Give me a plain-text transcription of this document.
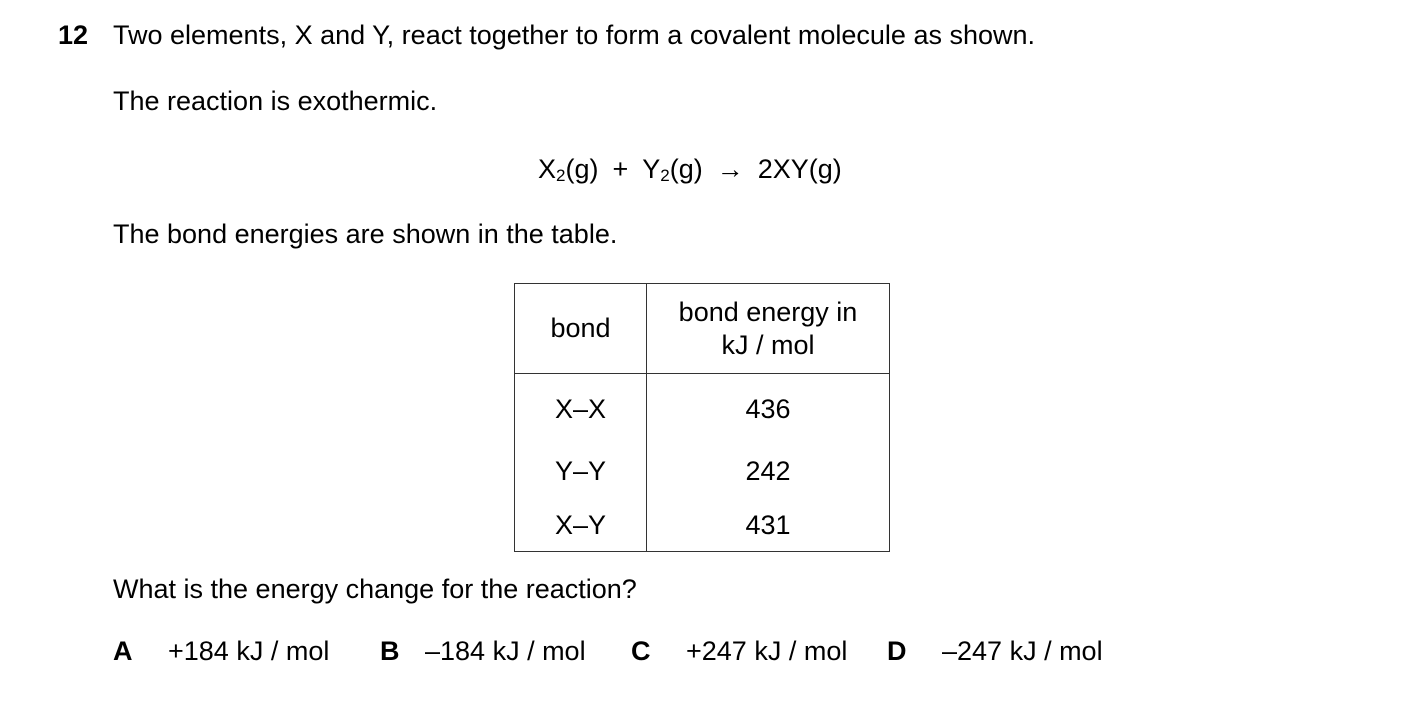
12 Two elements, X and Y, react together to form a covalent molecule as shown.
The reaction is exothermic.
X2(g) + Y2(g) → 2XY(g)
The bond energies are shown in the table.
bond	bond energy in
kJ / mol

X–X	436
Y–Y	242
X–Y	431
What is the energy change for the reaction?
A +184 kJ / mol B –184 kJ / mol C +247 kJ / mol D –247 kJ / mol
